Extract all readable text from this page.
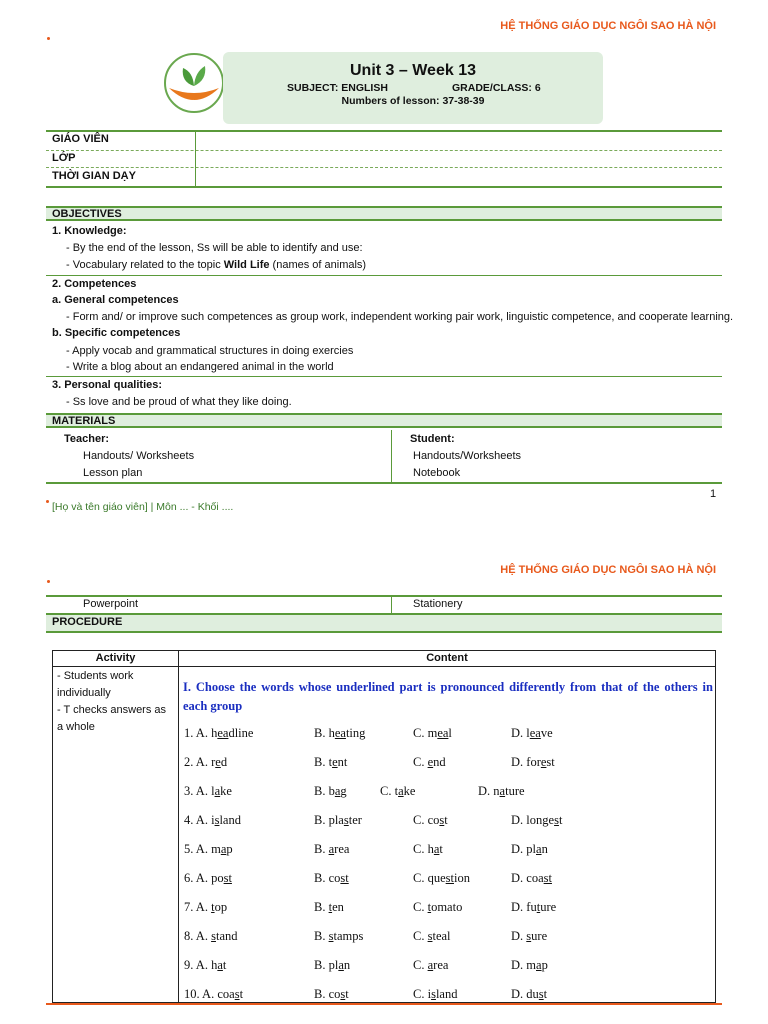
HỆ THỐNG GIÁO DỤC NGÔI SAO HÀ NỘI
★ ★ ★
Unit 3 – Week 13
SUBJECT: ENGLISH	GRADE/CLASS: 6
Numbers of lesson: 37-38-39
GIÁO VIÊN
LỚP
THỜI GIAN DẠY
OBJECTIVES
1. Knowledge:
- By the end of the lesson, Ss will be able to identify and use:
- Vocabulary related to the topic Wild Life (names of animals)
2. Competences
a. General competences
- Form and/ or improve such competences as group work, independent working pair work, linguistic competence, and cooperate learning.
b. Specific competences
- Apply vocab and grammatical structures in doing exercies
- Write a blog about an endangered animal in the world
3. Personal qualities:
- Ss love and be proud of what they like doing.
MATERIALS
Teacher:	Student:
Handouts/ Worksheets	Handouts/Worksheets
Lesson plan	Notebook
1
[Họ và tên giáo viên] | Môn ... - Khối ....
HỆ THỐNG GIÁO DỤC NGÔI SAO HÀ NỘI
Powerpoint	Stationery
PROCEDURE
Activity	Content
- Students work individually
- T checks answers as a whole
I. Choose the words whose underlined part is pronounced differently from that of the others in each group
1. A. headline	B. heating	C. meal	D. leave
2. A. red	B. tent	C. end	D. forest
3. A. lake	B. bag	C. take	D. nature
4. A. island	B. plaster	C. cost	D. longest
5. A. map	B. area	C. hat	D. plan
6. A. post	B. cost	C. question	D. coast
7. A. top	B. ten	C. tomato	D. future
8. A. stand	B. stamps	C. steal	D. sure
9. A. hat	B. plan	C. area	D. map
10. A. coast	B. cost	C. island	D. dust
